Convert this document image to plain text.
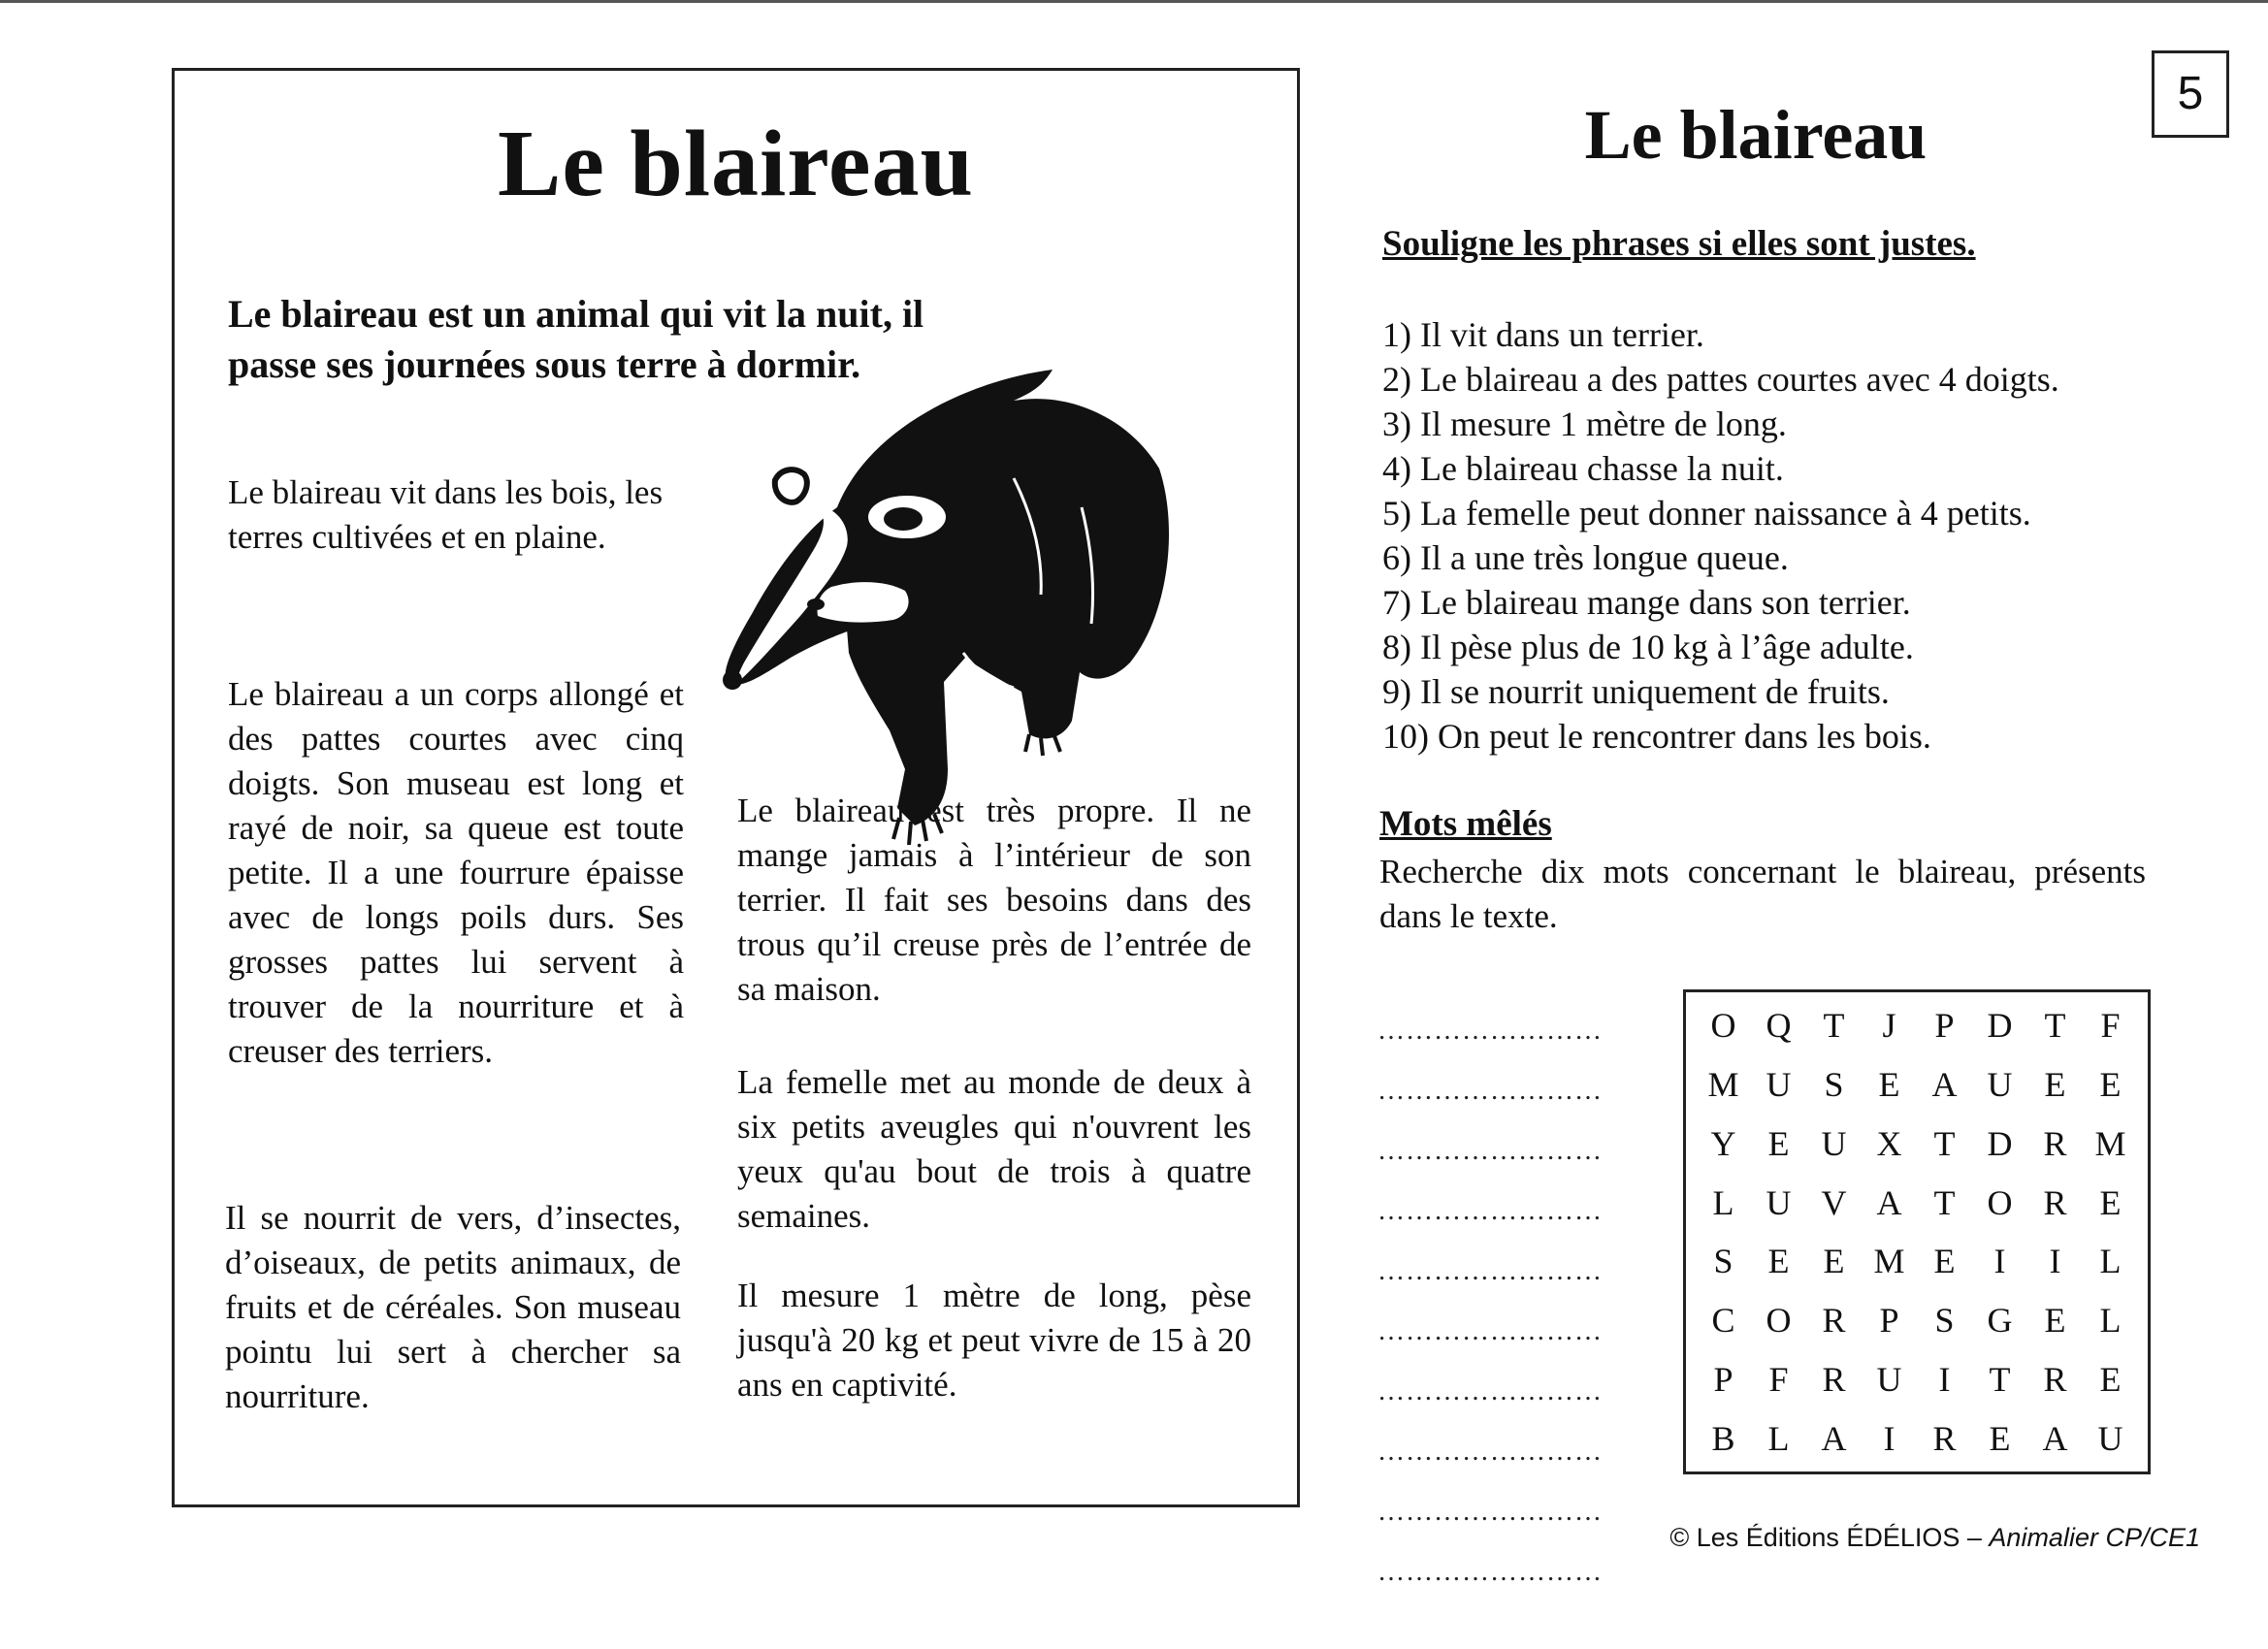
Le blaireau

Le blaireau est un animal qui vit la nuit, il passe ses journées sous terre à dormir.

Le blaireau vit dans les bois, les terres cultivées et en plaine.

Le blaireau a un corps allongé et des pattes courtes avec cinq doigts. Son museau est long et rayé de noir, sa queue est toute petite. Il a une fourrure épaisse avec de longs poils durs. Ses grosses pattes lui servent à trouver de la nourriture et à creuser des terriers.

Il se nourrit de vers, d’insectes, d’oiseaux, de petits animaux, de fruits et de céréales. Son museau pointu lui sert à chercher sa nourriture.

Le blaireau est très propre. Il ne mange jamais à l’intérieur de son terrier. Il fait ses besoins dans des trous qu’il creuse près de l’entrée de sa maison.

La femelle met au monde de deux à six petits aveugles qui n'ouvrent les yeux qu'au bout de trois à quatre semaines.

Il mesure 1 mètre de long, pèse jusqu'à 20 kg et peut vivre de 15 à 20 ans en captivité.

5
Le blaireau

Souligne les phrases si elles sont justes.

1) Il vit dans un terrier.
2) Le blaireau a des pattes courtes avec 4 doigts.
3) Il mesure 1 mètre de long.
4) Le blaireau chasse la nuit.
5) La femelle peut donner naissance à 4 petits.
6) Il a une très longue queue.
7) Le blaireau mange dans son terrier.
8) Il pèse plus de 10 kg à l’âge adulte.
9) Il se nourrit uniquement de fruits.
10) On peut le rencontrer dans les bois.

Mots mêlés

Recherche dix mots concernant le blaireau, présents dans le texte.

……………………
……………………
……………………
……………………
……………………
……………………
……………………
……………………
……………………
……………………
O Q T	J	P D T F
M U S E A U E E
Y E U X T D R M
L U V A T O R E
S E E M E	I	I	L
C O R P	S G E L
P	F R U	I	T R E
B L A	I	R E A U

© Les Éditions ÉDÉLIOS – Animalier CP/CE1
